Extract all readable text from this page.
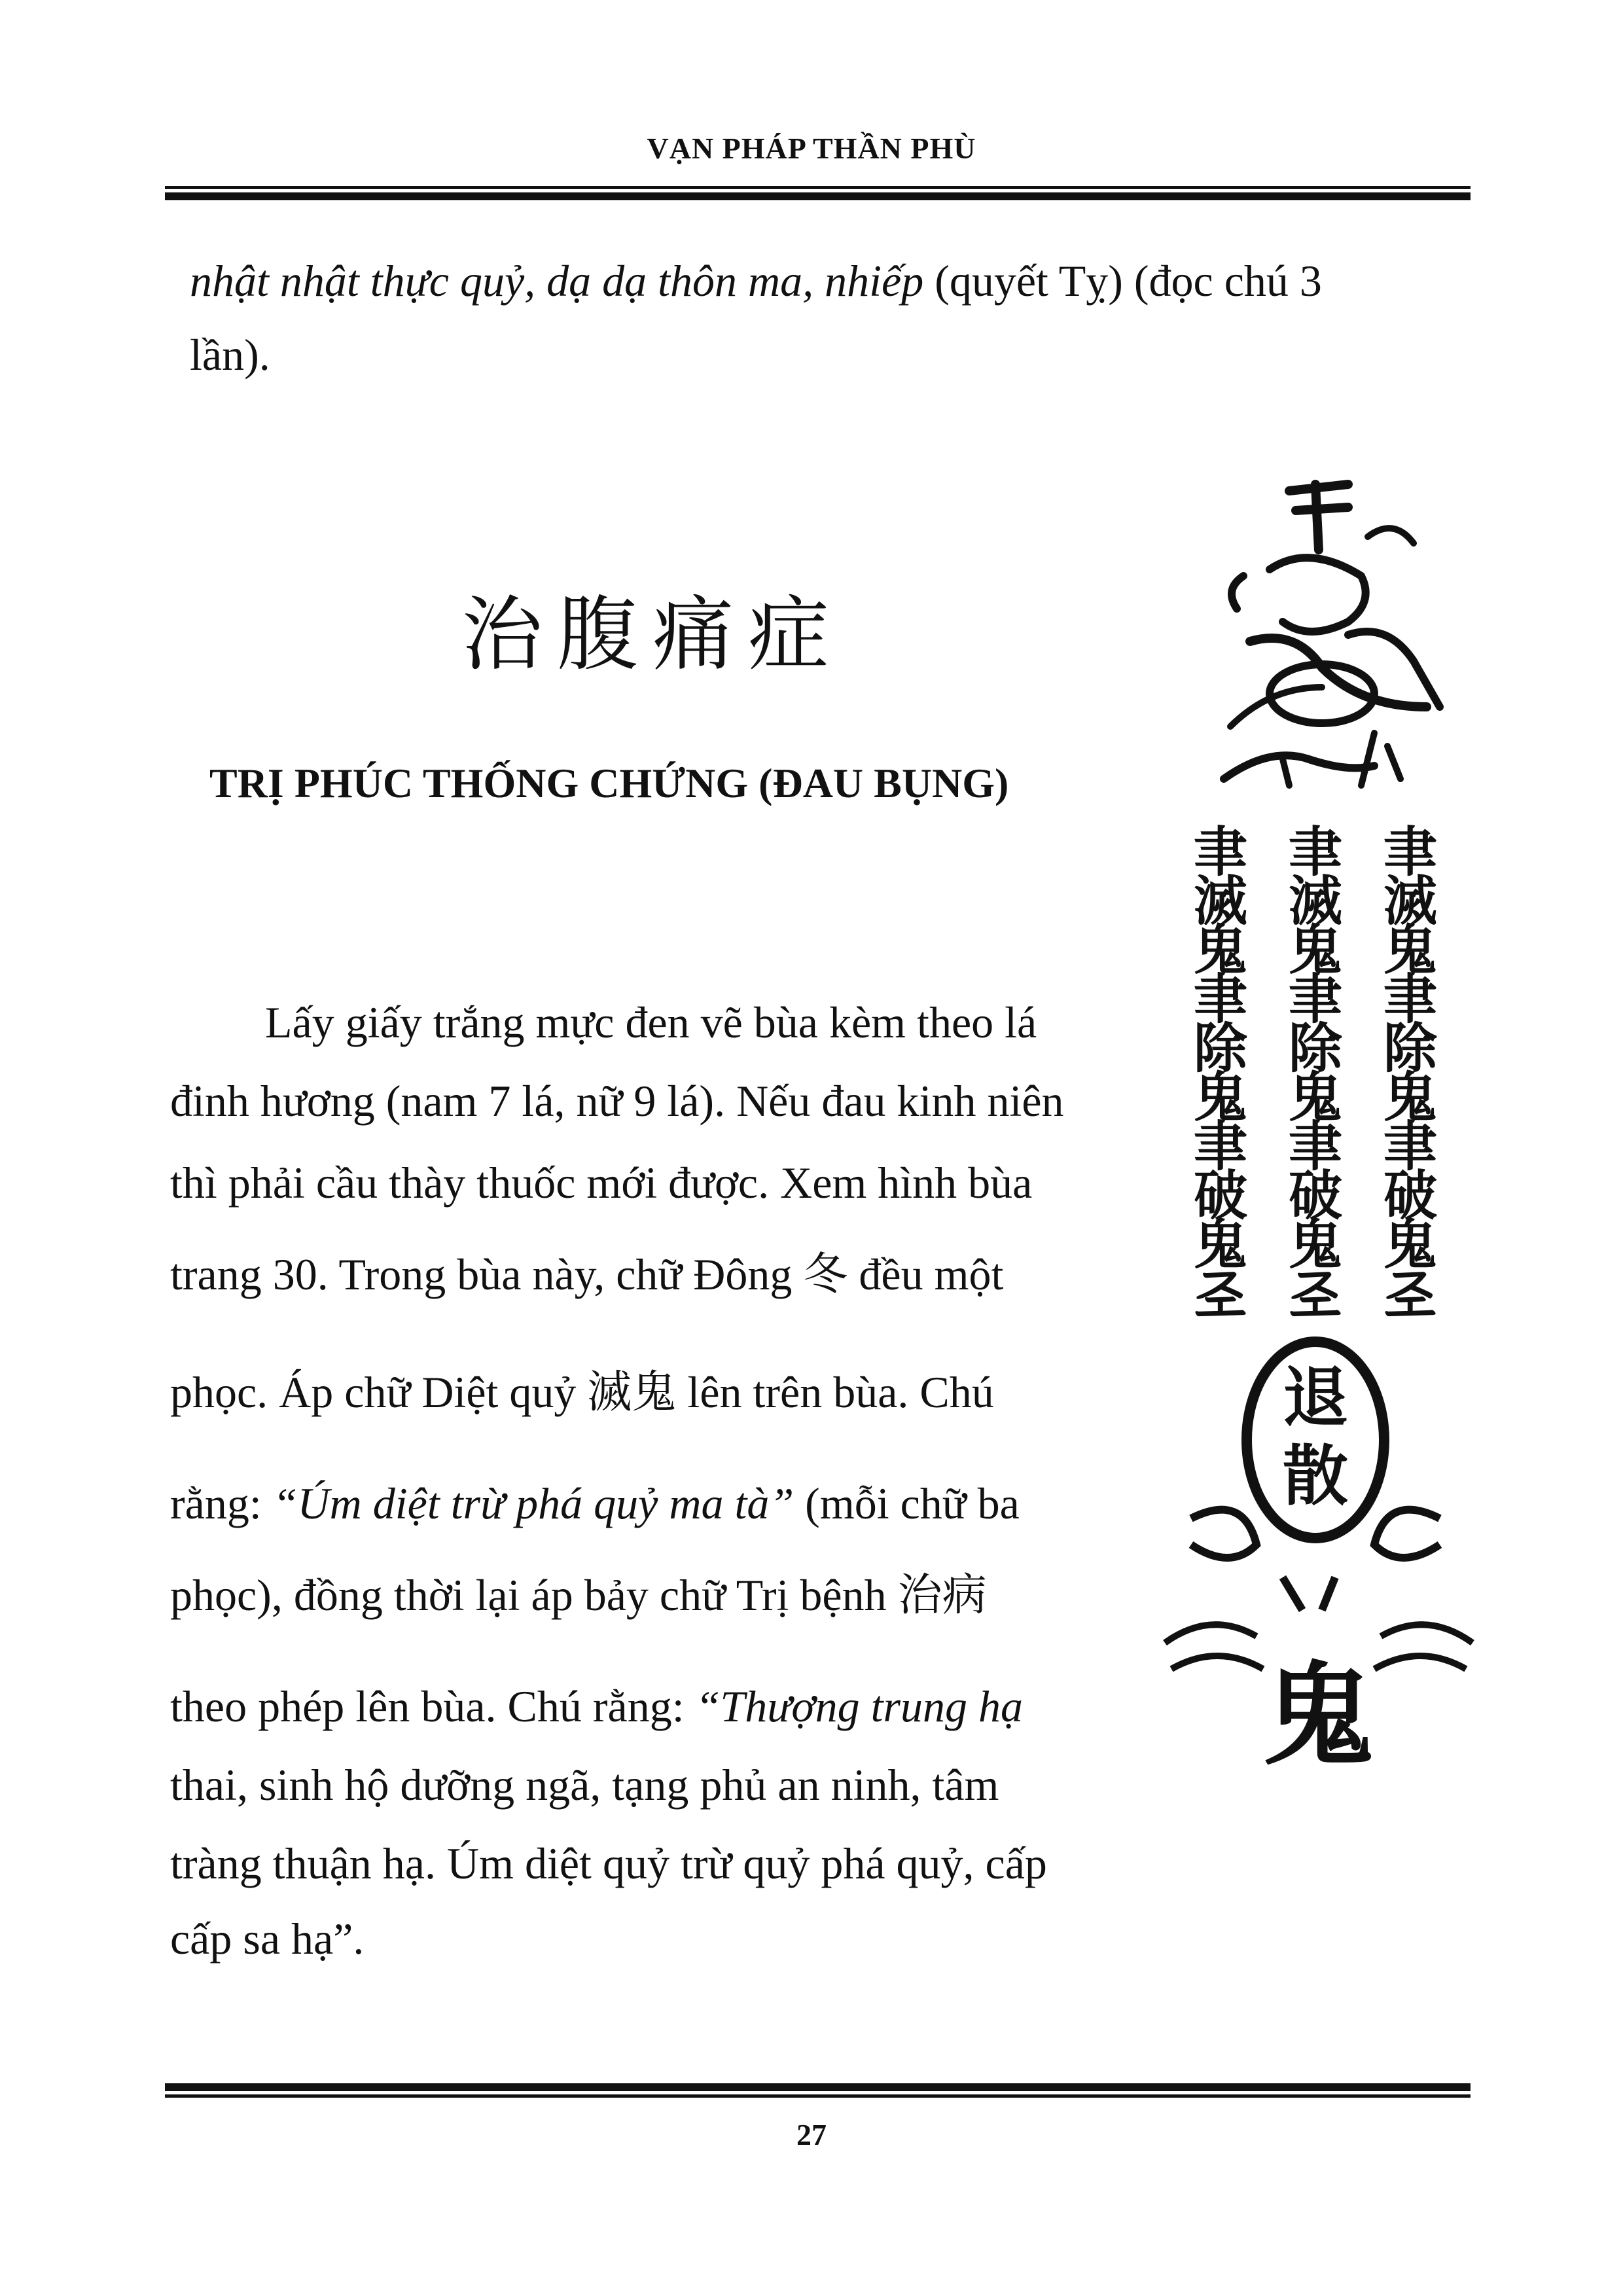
VẠN PHÁP THẦN PHÙ
nhật nhật thực quỷ, dạ dạ thôn ma, nhiếp (quyết Tỵ) (đọc chú 3
lần).
治腹痛症
TRỊ PHÚC THỐNG CHỨNG (ĐAU BỤNG)
Lấy giấy trắng mực đen vẽ bùa kèm theo lá
đinh hương (nam 7 lá, nữ 9 lá). Nếu đau kinh niên
thì phải cầu thày thuốc mới được. Xem hình bùa
trang 30. Trong bùa này, chữ Đông 冬 đều một
phọc. Áp chữ Diệt quỷ 滅鬼 lên trên bùa. Chú
rằng: “Úm diệt trừ phá quỷ ma tà” (mỗi chữ ba
phọc), đồng thời lại áp bảy chữ Trị bệnh 治病
theo phép lên bùa. Chú rằng: “Thượng trung hạ
thai, sinh hộ dưỡng ngã, tạng phủ an ninh, tâm
tràng thuận hạ. Úm diệt quỷ trừ quỷ phá quỷ, cấp
cấp sa hạ”.
聿
滅
鬼
聿
除
鬼
聿
破
鬼
𢀖
聿
滅
鬼
聿
除
鬼
聿
破
鬼
𢀖
聿
滅
鬼
聿
除
鬼
聿
破
鬼
𢀖
退
散
鬼
27
